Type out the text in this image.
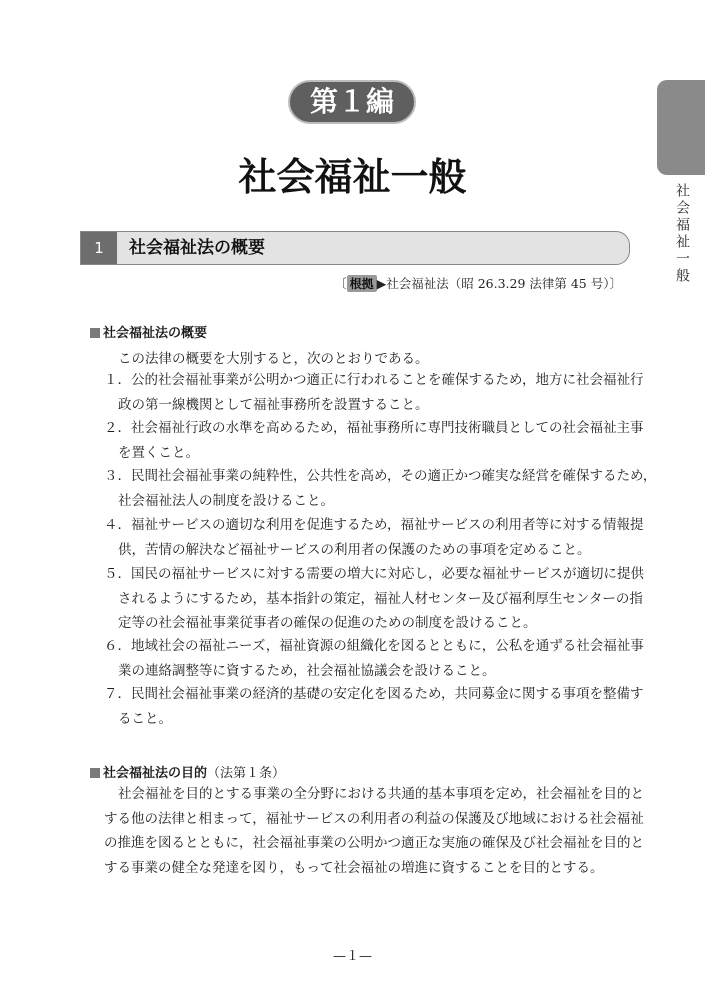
社会福祉一般
第１編
社会福祉一般
1	社会福祉法の概要
〔 根拠 ▶社会福祉法（昭 26.3.29 法律第 45 号）〕
社会福祉法の概要
この法律の概要を大別すると，次のとおりである。
１．公的社会福祉事業が公明かつ適正に行われることを確保するため，地方に社会福祉行
政の第一線機関として福祉事務所を設置すること。
２．社会福祉行政の水準を高めるため，福祉事務所に専門技術職員としての社会福祉主事
を置くこと。
３．民間社会福祉事業の純粋性，公共性を高め，その適正かつ確実な経営を確保するため，
社会福祉法人の制度を設けること。
４．福祉サービスの適切な利用を促進するため，福祉サービスの利用者等に対する情報提
供，苦情の解決など福祉サービスの利用者の保護のための事項を定めること。
５．国民の福祉サービスに対する需要の増大に対応し，必要な福祉サービスが適切に提供
されるようにするため，基本指針の策定，福祉人材センター及び福利厚生センターの指
定等の社会福祉事業従事者の確保の促進のための制度を設けること。
６．地域社会の福祉ニーズ，福祉資源の組織化を図るとともに，公私を通ずる社会福祉事
業の連絡調整等に資するため，社会福祉協議会を設けること。
７．民間社会福祉事業の経済的基礎の安定化を図るため，共同募金に関する事項を整備す
ること。
社会福祉法の目的（法第１条）
社会福祉を目的とする事業の全分野における共通的基本事項を定め，社会福祉を目的と
する他の法律と相まって，福祉サービスの利用者の利益の保護及び地域における社会福祉
の推進を図るとともに，社会福祉事業の公明かつ適正な実施の確保及び社会福祉を目的と
する事業の健全な発達を図り，もって社会福祉の増進に資することを目的とする。
—１—
